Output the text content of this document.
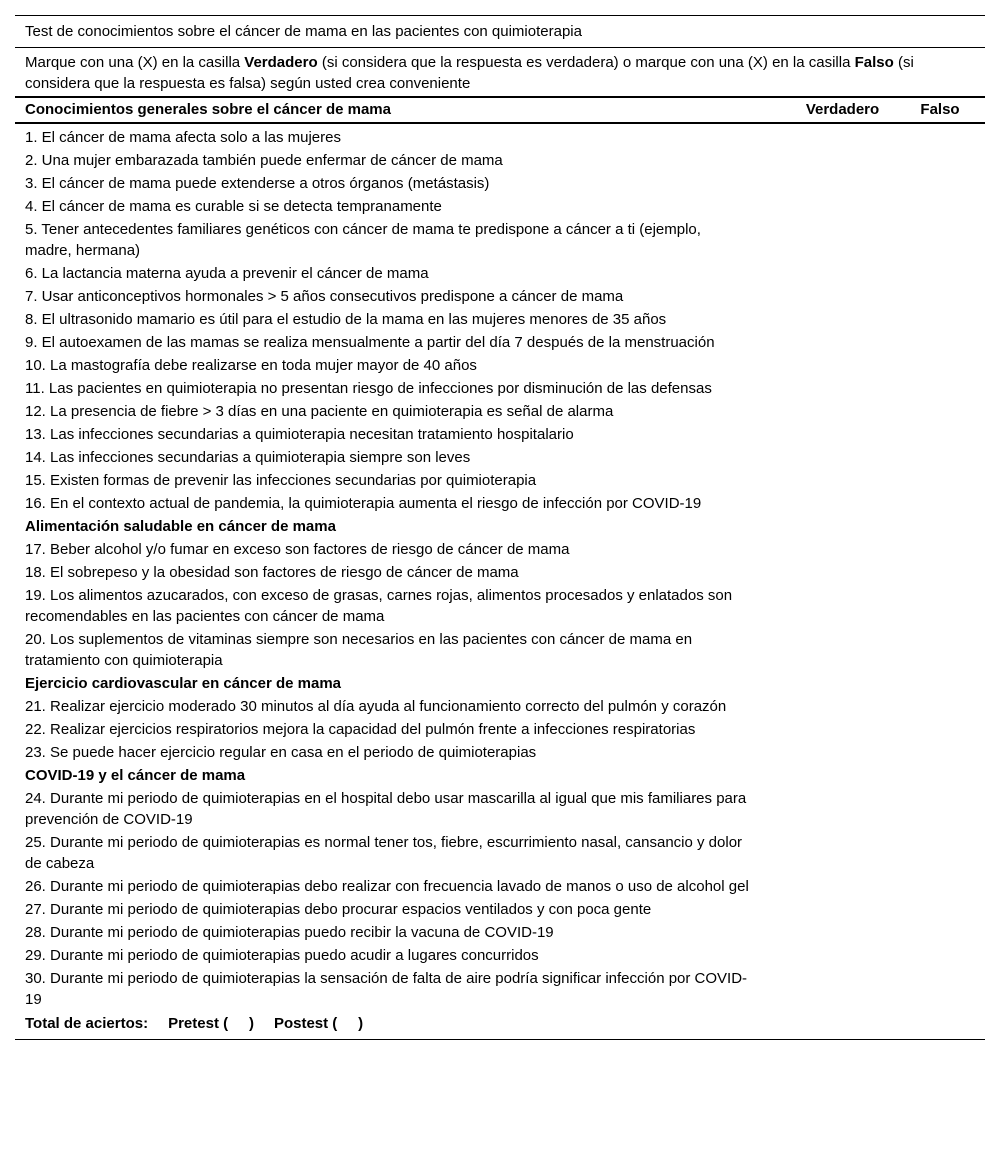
Test de conocimientos sobre el cáncer de mama en las pacientes con quimioterapia
Marque con una (X) en la casilla Verdadero (si considera que la respuesta es verdadera) o marque con una (X) en la casilla Falso (si considera que la respuesta es falsa) según usted crea conveniente
Conocimientos generales sobre el cáncer de mama	Verdadero	Falso
1. El cáncer de mama afecta solo a las mujeres
2. Una mujer embarazada también puede enfermar de cáncer de mama
3. El cáncer de mama puede extenderse a otros órganos (metástasis)
4. El cáncer de mama es curable si se detecta tempranamente
5. Tener antecedentes familiares genéticos con cáncer de mama te predispone a cáncer a ti (ejemplo, madre, hermana)
6. La lactancia materna ayuda a prevenir el cáncer de mama
7. Usar anticonceptivos hormonales > 5 años consecutivos predispone a cáncer de mama
8. El ultrasonido mamario es útil para el estudio de la mama en las mujeres menores de 35 años
9. El autoexamen de las mamas se realiza mensualmente a partir del día 7 después de la menstruación
10. La mastografía debe realizarse en toda mujer mayor de 40 años
11. Las pacientes en quimioterapia no presentan riesgo de infecciones por disminución de las defensas
12. La presencia de fiebre > 3 días en una paciente en quimioterapia es señal de alarma
13. Las infecciones secundarias a quimioterapia necesitan tratamiento hospitalario
14. Las infecciones secundarias a quimioterapia siempre son leves
15. Existen formas de prevenir las infecciones secundarias por quimioterapia
16. En el contexto actual de pandemia, la quimioterapia aumenta el riesgo de infección por COVID-19
Alimentación saludable en cáncer de mama
17. Beber alcohol y/o fumar en exceso son factores de riesgo de cáncer de mama
18. El sobrepeso y la obesidad son factores de riesgo de cáncer de mama
19. Los alimentos azucarados, con exceso de grasas, carnes rojas, alimentos procesados y enlatados son recomendables en las pacientes con cáncer de mama
20. Los suplementos de vitaminas siempre son necesarios en las pacientes con cáncer de mama en tratamiento con quimioterapia
Ejercicio cardiovascular en cáncer de mama
21. Realizar ejercicio moderado 30 minutos al día ayuda al funcionamiento correcto del pulmón y corazón
22. Realizar ejercicios respiratorios mejora la capacidad del pulmón frente a infecciones respiratorias
23. Se puede hacer ejercicio regular en casa en el periodo de quimioterapias
COVID-19 y el cáncer de mama
24. Durante mi periodo de quimioterapias en el hospital debo usar mascarilla al igual que mis familiares para prevención de COVID-19
25. Durante mi periodo de quimioterapias es normal tener tos, fiebre, escurrimiento nasal, cansancio y dolor de cabeza
26. Durante mi periodo de quimioterapias debo realizar con frecuencia lavado de manos o uso de alcohol gel
27. Durante mi periodo de quimioterapias debo procurar espacios ventilados y con poca gente
28. Durante mi periodo de quimioterapias puedo recibir la vacuna de COVID-19
29. Durante mi periodo de quimioterapias puedo acudir a lugares concurridos
30. Durante mi periodo de quimioterapias la sensación de falta de aire podría significar infección por COVID-19
Total de aciertos: Pretest (     ) Postest (     )
